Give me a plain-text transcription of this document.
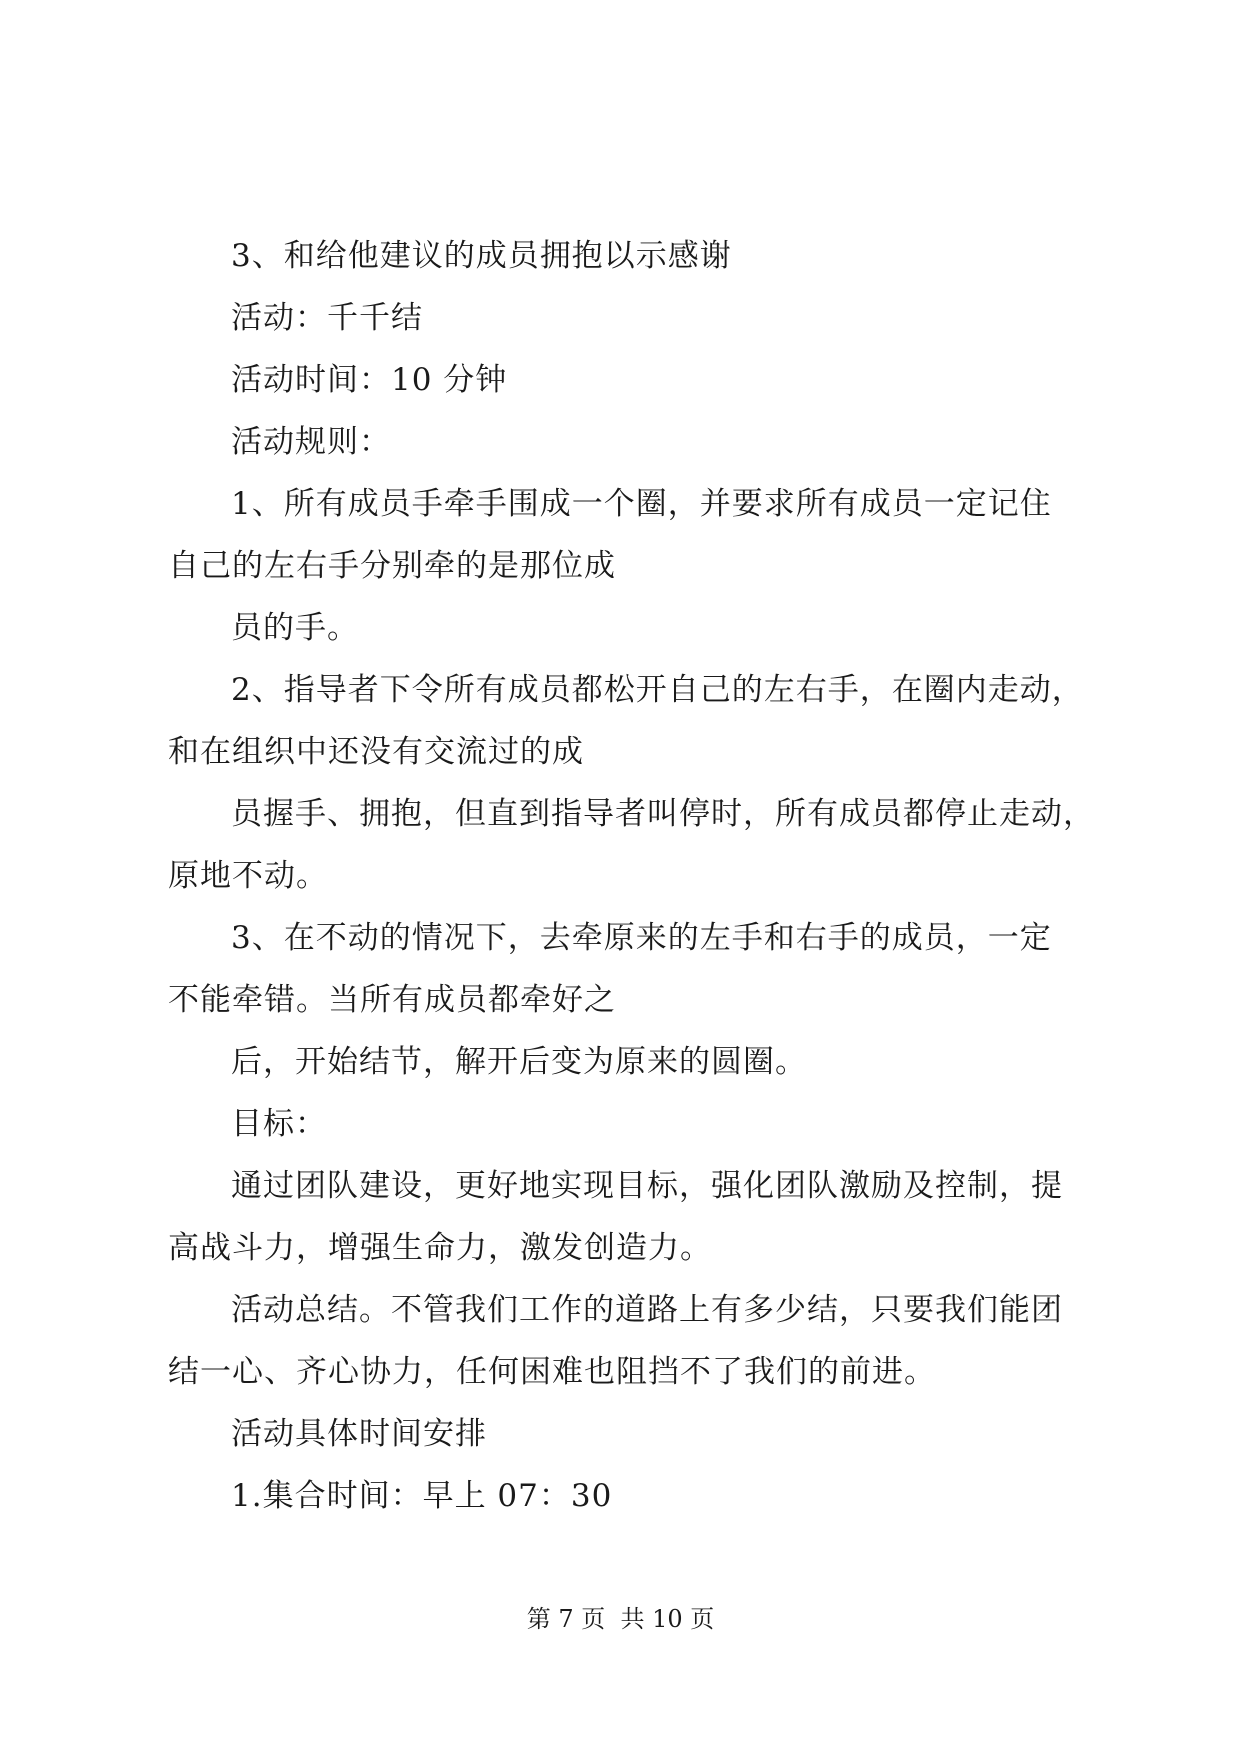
3、和给他建议的成员拥抱以示感谢
活动：千千结
活动时间：10 分钟
活动规则：
1、所有成员手牵手围成一个圈，并要求所有成员一定记住
自己的左右手分别牵的是那位成
员的手。
2、指导者下令所有成员都松开自己的左右手，在圈内走动，
和在组织中还没有交流过的成
员握手、拥抱，但直到指导者叫停时，所有成员都停止走动，
原地不动。
3、在不动的情况下，去牵原来的左手和右手的成员，一定
不能牵错。当所有成员都牵好之
后，开始结节，解开后变为原来的圆圈。
目标：
通过团队建设，更好地实现目标，强化团队激励及控制，提
高战斗力，增强生命力，激发创造力。
活动总结。不管我们工作的道路上有多少结，只要我们能团
结一心、齐心协力，任何困难也阻挡不了我们的前进。
活动具体时间安排
1.集合时间：早上 07：30
第 7 页  共 10 页
